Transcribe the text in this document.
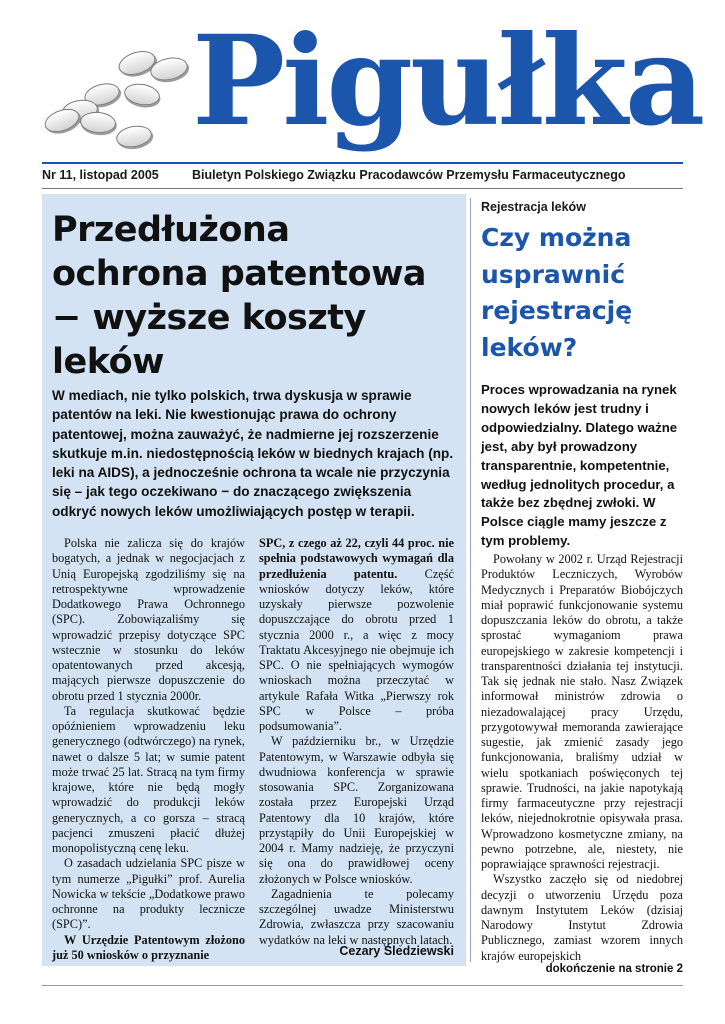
Pigułka
Nr 11, listopad 2005	Biuletyn Polskiego Związku Pracodawców Przemysłu Farmaceutycznego
Przedłużona
ochrona patentowa
− wyższe koszty
leków
W mediach, nie tylko polskich, trwa dyskusja w sprawie patentów na leki. Nie kwestionując prawa do ochrony patentowej, można zauważyć, że nadmierne jej rozszerzenie skutkuje m.in. niedostępnością leków w biednych krajach (np. leki na AIDS), a jednocześnie ochrona ta wcale nie przyczynia się – jak tego oczekiwano − do znaczącego zwiększenia odkryć nowych leków umożliwiających postęp w terapii.

Polska nie zalicza się do krajów bogatych, a jednak w negocjacjach z Unią Europejską zgodziliśmy się na retrospektywne wprowadzenie Dodatkowego Prawa Ochronnego (SPC). Zobowiązaliśmy się wprowadzić przepisy dotyczące SPC wstecznie w stosunku do leków opatentowanych przed akcesją, mających pierwsze dopuszczenie do obrotu przed 1 stycznia 2000r.

Ta regulacja skutkować będzie opóźnieniem wprowadzeniu leku generycznego (odtwórczego) na rynek, nawet o dalsze 5 lat; w sumie patent może trwać 25 lat. Stracą na tym firmy krajowe, które nie będą mogły wprowadzić do produkcji leków generycznych, a co gorsza – stracą pacjenci zmuszeni płacić dłużej monopolistyczną cenę leku.

O zasadach udzielania SPC pisze w tym numerze „Pigułki” prof. Aurelia Nowicka w tekście „Dodatkowe prawo ochronne na produkty lecznicze (SPC)”.

W Urzędzie Patentowym złożono już 50 wniosków o przyznanie

SPC, z czego aż 22, czyli 44 proc. nie spełnia podstawowych wymagań dla przedłużenia patentu. Część wniosków dotyczy leków, które uzyskały pierwsze pozwolenie dopuszczające do obrotu przed 1 stycznia 2000 r., a więc z mocy Traktatu Akcesyjnego nie obejmuje ich SPC. O nie spełniających wymogów wnioskach można przeczytać w artykule Rafała Witka „Pierwszy rok SPC w Polsce – próba podsumowania”.

W październiku br., w Urzędzie Patentowym, w Warszawie odbyła się dwudniowa konferencja w sprawie stosowania SPC. Zorganizowana została przez Europejski Urząd Patentowy dla 10 krajów, które przystąpiły do Unii Europejskiej w 2004 r. Mamy nadzieję, że przyczyni się ona do prawidłowej oceny złożonych w Polsce wniosków.

Zagadnienia te polecamy szczególnej uwadze Ministerstwu Zdrowia, zwłaszcza przy szacowaniu wydatków na leki w następnych latach.

Cezary Śledziewski
Rejestracja leków
Czy można
usprawnić
rejestrację
leków?
Proces wprowadzania na rynek nowych leków jest trudny i odpowiedzialny. Dlatego ważne jest, aby był prowadzony transparentnie, kompetentnie, według jednolitych procedur, a także bez zbędnej zwłoki. W Polsce ciągle mamy jeszcze z tym problemy.

Powołany w 2002 r. Urząd Rejestracji Produktów Leczniczych, Wyrobów Medycznych i Preparatów Biobójczych miał poprawić funkcjonowanie systemu dopuszczania leków do obrotu, a także sprostać wymaganiom prawa europejskiego w zakresie kompetencji i transparentności działania tej instytucji. Tak się jednak nie stało. Nasz Związek informował ministrów zdrowia o niezadowalającej pracy Urzędu, przygotowywał memoranda zawierające sugestie, jak zmienić zasady jego funkcjonowania, braliśmy udział w wielu spotkaniach poświęconych tej sprawie. Trudności, na jakie napotykają firmy farmaceutyczne przy rejestracji leków, niejednokrotnie opisywała prasa. Wprowadzono kosmetyczne zmiany, na pewno potrzebne, ale, niestety, nie poprawiające sprawności rejestracji.

Wszystko zaczęło się od niedobrej decyzji o utworzeniu Urzędu poza dawnym Instytutem Leków (dzisiaj Narodowy Instytut Zdrowia Publicznego, zamiast wzorem innych krajów europejskich

dokończenie na stronie 2
